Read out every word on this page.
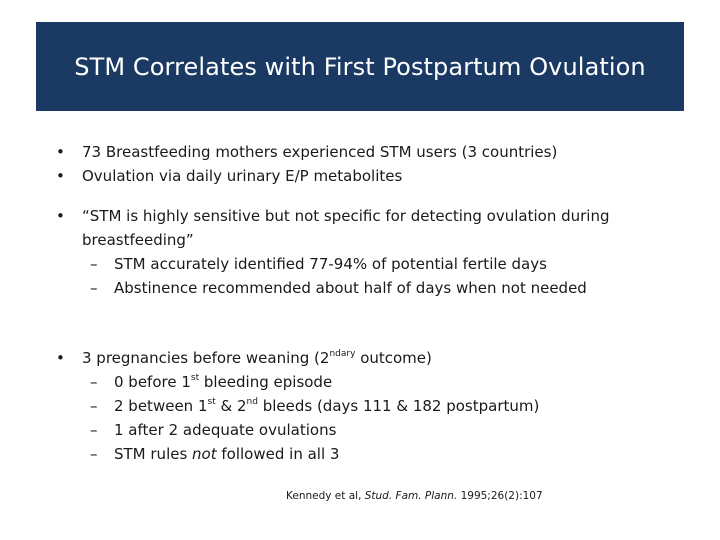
STM Correlates with First Postpartum Ovulation
• 73 Breastfeeding mothers experienced STM users (3 countries)
• Ovulation via daily urinary E/P metabolites
• “STM is highly sensitive but not specific for detecting ovulation during breastfeeding”
– STM accurately identified 77-94% of potential fertile days
– Abstinence recommended about half of days when not needed
• 3 pregnancies before weaning ($2^{ndary}$ outcome)
– 0 before 1st bleeding episode
– 2 between 1st & 2nd bleeds (days 111 & 182 postpartum)
– 1 after 2 adequate ovulations
– STM rules not followed in all 3
Kennedy et al, Stud. Fam. Plann. 1995;26(2):107
